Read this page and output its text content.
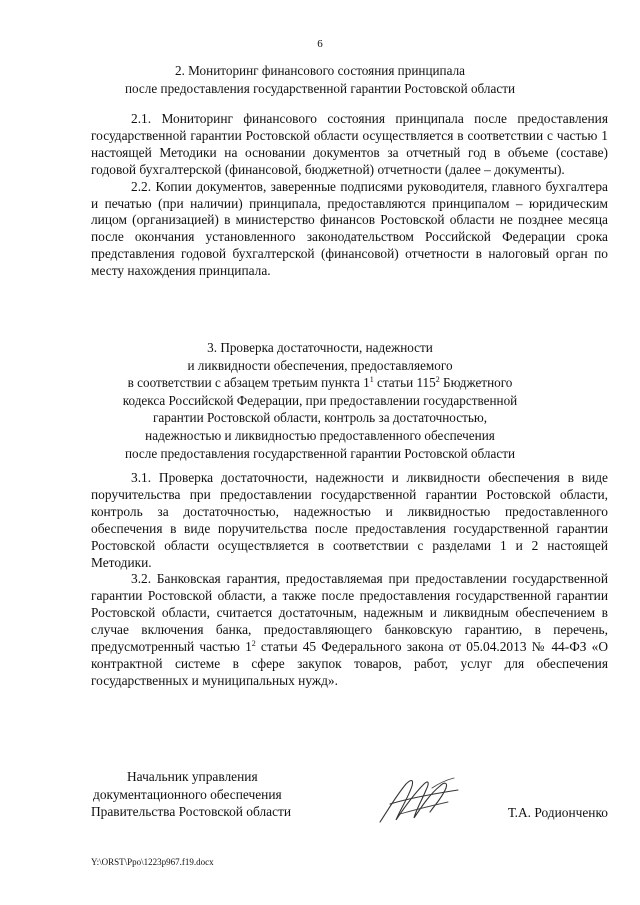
6
2. Мониторинг финансового состояния принципала
после предоставления государственной гарантии Ростовской области

2.1. Мониторинг финансового состояния принципала после предоставления государственной гарантии Ростовской области осуществляется в соответствии с частью 1 настоящей Методики на основании документов за отчетный год в объеме (составе) годовой бухгалтерской (финансовой, бюджетной) отчетности (далее – документы).

2.2. Копии документов, заверенные подписями руководителя, главного бухгалтера и печатью (при наличии) принципала, предоставляются принципалом – юридическим лицом (организацией) в министерство финансов Ростовской области не позднее месяца после окончания установленного законодательством Российской Федерации срока представления годовой бухгалтерской (финансовой) отчетности в налоговый орган по месту нахождения принципала.

3. Проверка достаточности, надежности
и ликвидности обеспечения, предоставляемого
в соответствии с абзацем третьим пункта $1^1$ статьи $115^2$ Бюджетного
кодекса Российской Федерации, при предоставлении государственной
гарантии Ростовской области, контроль за достаточностью,
надежностью и ликвидностью предоставленного обеспечения
после предоставления государственной гарантии Ростовской области

3.1. Проверка достаточности, надежности и ликвидности обеспечения в виде поручительства при предоставлении государственной гарантии Ростовской области, контроль за достаточностью, надежностью и ликвидностью предоставленного обеспечения в виде поручительства после предоставления государственной гарантии Ростовской области осуществляется в соответствии с разделами 1 и 2 настоящей Методики.

3.2. Банковская гарантия, предоставляемая при предоставлении государственной гарантии Ростовской области, а также после предоставления государственной гарантии Ростовской области, считается достаточным, надежным и ликвидным обеспечением в случае включения банка, предоставляющего банковскую гарантию, в перечень, предусмотренный частью $1^2$ статьи 45 Федерального закона от 05.04.2013 № 44-ФЗ «О контрактной системе в сфере закупок товаров, работ, услуг для обеспечения государственных и муниципальных нужд».

Начальник управления
документационного обеспечения
Правительства Ростовской области	Т.А. Родионченко
Y:\ORST\Ppo\1223p967.f19.docx
